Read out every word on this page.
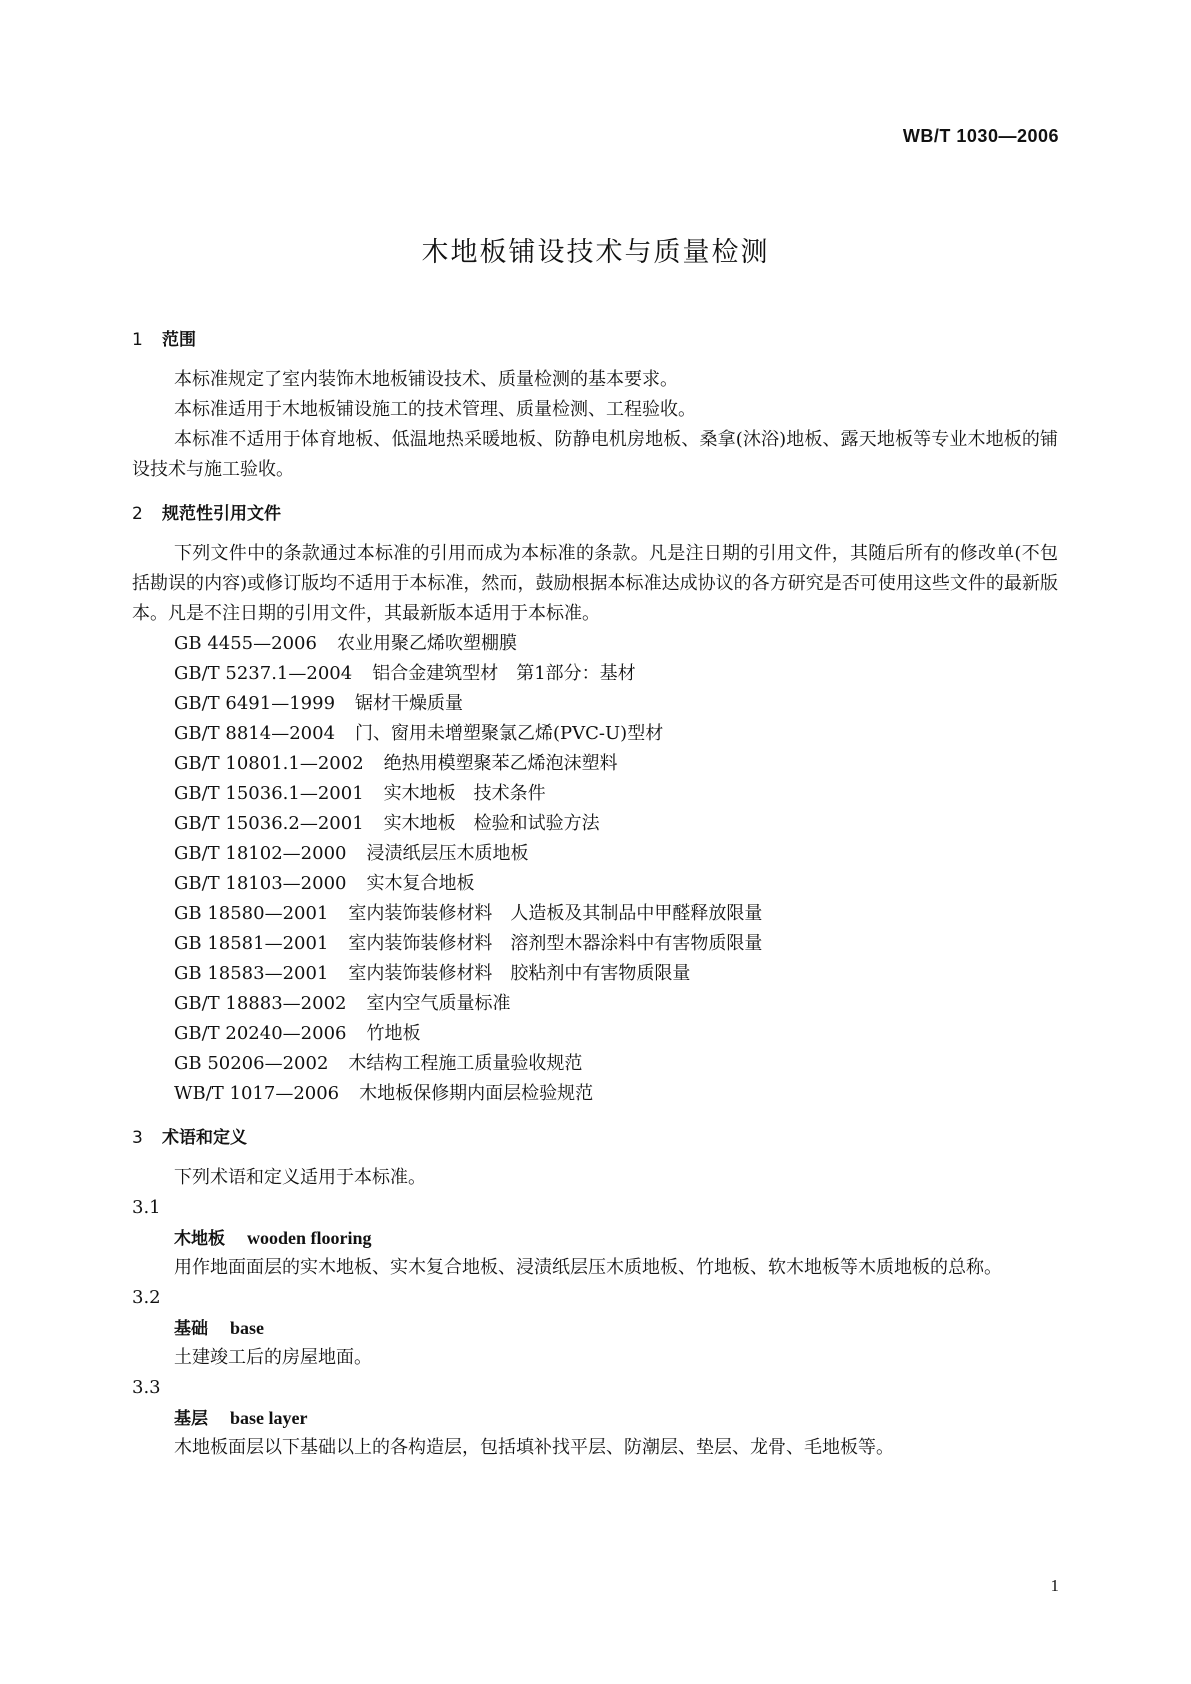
WB/T 1030—2006
木地板铺设技术与质量检测
1 范围
本标准规定了室内装饰木地板铺设技术、质量检测的基本要求。
本标准适用于木地板铺设施工的技术管理、质量检测、工程验收。
本标准不适用于体育地板、低温地热采暖地板、防静电机房地板、桑拿(沐浴)地板、露天地板等专业木地板的铺设技术与施工验收。
2 规范性引用文件
下列文件中的条款通过本标准的引用而成为本标准的条款。凡是注日期的引用文件，其随后所有的修改单(不包括勘误的内容)或修订版均不适用于本标准，然而，鼓励根据本标准达成协议的各方研究是否可使用这些文件的最新版本。凡是不注日期的引用文件，其最新版本适用于本标准。
GB 4455—2006 农业用聚乙烯吹塑棚膜
GB/T 5237.1—2004 铝合金建筑型材　第1部分：基材
GB/T 6491—1999 锯材干燥质量
GB/T 8814—2004 门、窗用未增塑聚氯乙烯(PVC-U)型材
GB/T 10801.1—2002 绝热用模塑聚苯乙烯泡沫塑料
GB/T 15036.1—2001 实木地板　技术条件
GB/T 15036.2—2001 实木地板　检验和试验方法
GB/T 18102—2000 浸渍纸层压木质地板
GB/T 18103—2000 实木复合地板
GB 18580—2001 室内装饰装修材料　人造板及其制品中甲醛释放限量
GB 18581—2001 室内装饰装修材料　溶剂型木器涂料中有害物质限量
GB 18583—2001 室内装饰装修材料　胶粘剂中有害物质限量
GB/T 18883—2002 室内空气质量标准
GB/T 20240—2006 竹地板
GB 50206—2002 木结构工程施工质量验收规范
WB/T 1017—2006 木地板保修期内面层检验规范
3 术语和定义
下列术语和定义适用于本标准。
3.1
木地板 wooden flooring
用作地面面层的实木地板、实木复合地板、浸渍纸层压木质地板、竹地板、软木地板等木质地板的总称。
3.2
基础 base
土建竣工后的房屋地面。
3.3
基层 base layer
木地板面层以下基础以上的各构造层，包括填补找平层、防潮层、垫层、龙骨、毛地板等。
1
